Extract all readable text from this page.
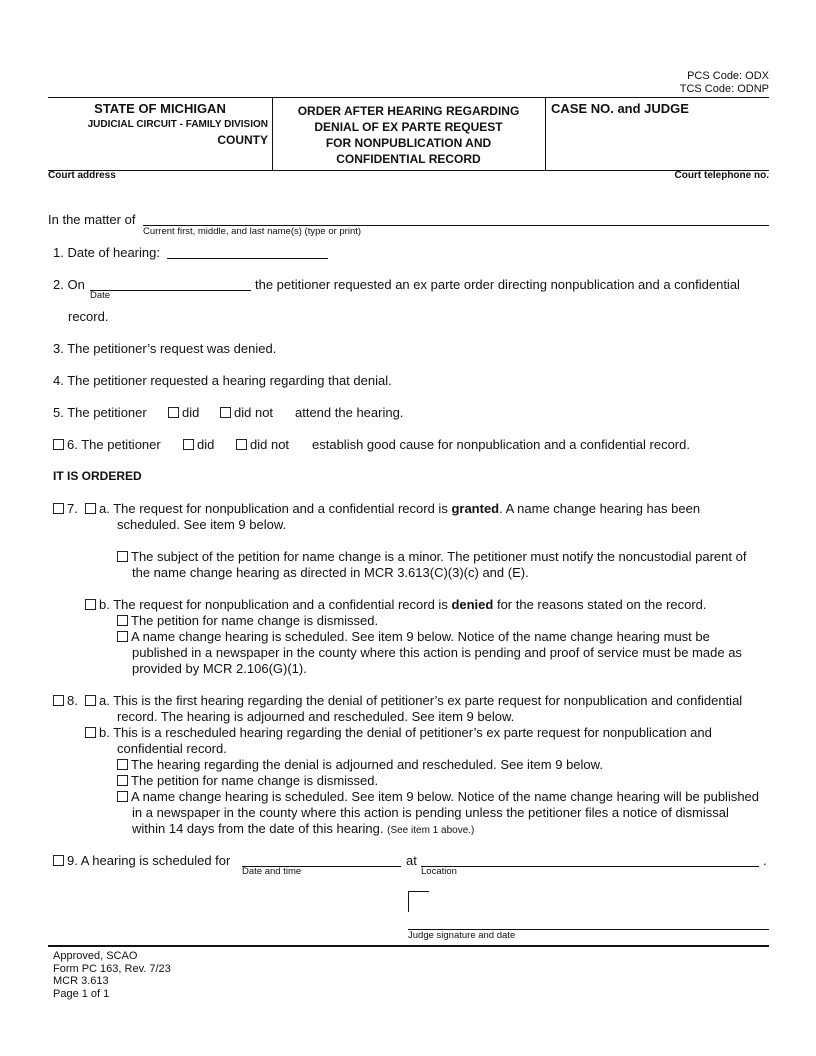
PCS Code: ODX
TCS Code: ODNP
STATE OF MICHIGAN
JUDICIAL CIRCUIT - FAMILY DIVISION
COUNTY
ORDER AFTER HEARING REGARDING
DENIAL OF EX PARTE REQUEST
FOR NONPUBLICATION AND
CONFIDENTIAL RECORD
CASE NO. and JUDGE
Court address	Court telephone no.
In the matter of
Current first, middle, and last name(s) (type or print)
1. Date of hearing:
2. On
Date
the petitioner requested an ex parte order directing nonpublication and a confidential
record.
3. The petitioner’s request was denied.
4. The petitioner requested a hearing regarding that denial.
5. The petitioner	did	did not attend the hearing.
6. The petitioner	did	did not establish good cause for nonpublication and a confidential record.
IT IS ORDERED
7.	a. The request for nonpublication and a confidential record is granted. A name change hearing has been
scheduled. See item 9 below.
The subject of the petition for name change is a minor. The petitioner must notify the noncustodial parent of
the name change hearing as directed in MCR 3.613(C)(3)(c) and (E).
b. The request for nonpublication and a confidential record is denied for the reasons stated on the record.
The petition for name change is dismissed.
A name change hearing is scheduled. See item 9 below. Notice of the name change hearing must be
published in a newspaper in the county where this action is pending and proof of service must be made as
provided by MCR 2.106(G)(1).
8.	a. This is the first hearing regarding the denial of petitioner’s ex parte request for nonpublication and confidential
record. The hearing is adjourned and rescheduled. See item 9 below.
b. This is a rescheduled hearing regarding the denial of petitioner’s ex parte request for nonpublication and
confidential record.
The hearing regarding the denial is adjourned and rescheduled. See item 9 below.
The petition for name change is dismissed.
A name change hearing is scheduled. See item 9 below. Notice of the name change hearing will be published
in a newspaper in the county where this action is pending unless the petitioner files a notice of dismissal
within 14 days from the date of this hearing. (See item 1 above.)
9. A hearing is scheduled for
Date and time
at
Location
.
Judge signature and date
Approved, SCAO
Form PC 163, Rev. 7/23
MCR 3.613
Page 1 of 1
